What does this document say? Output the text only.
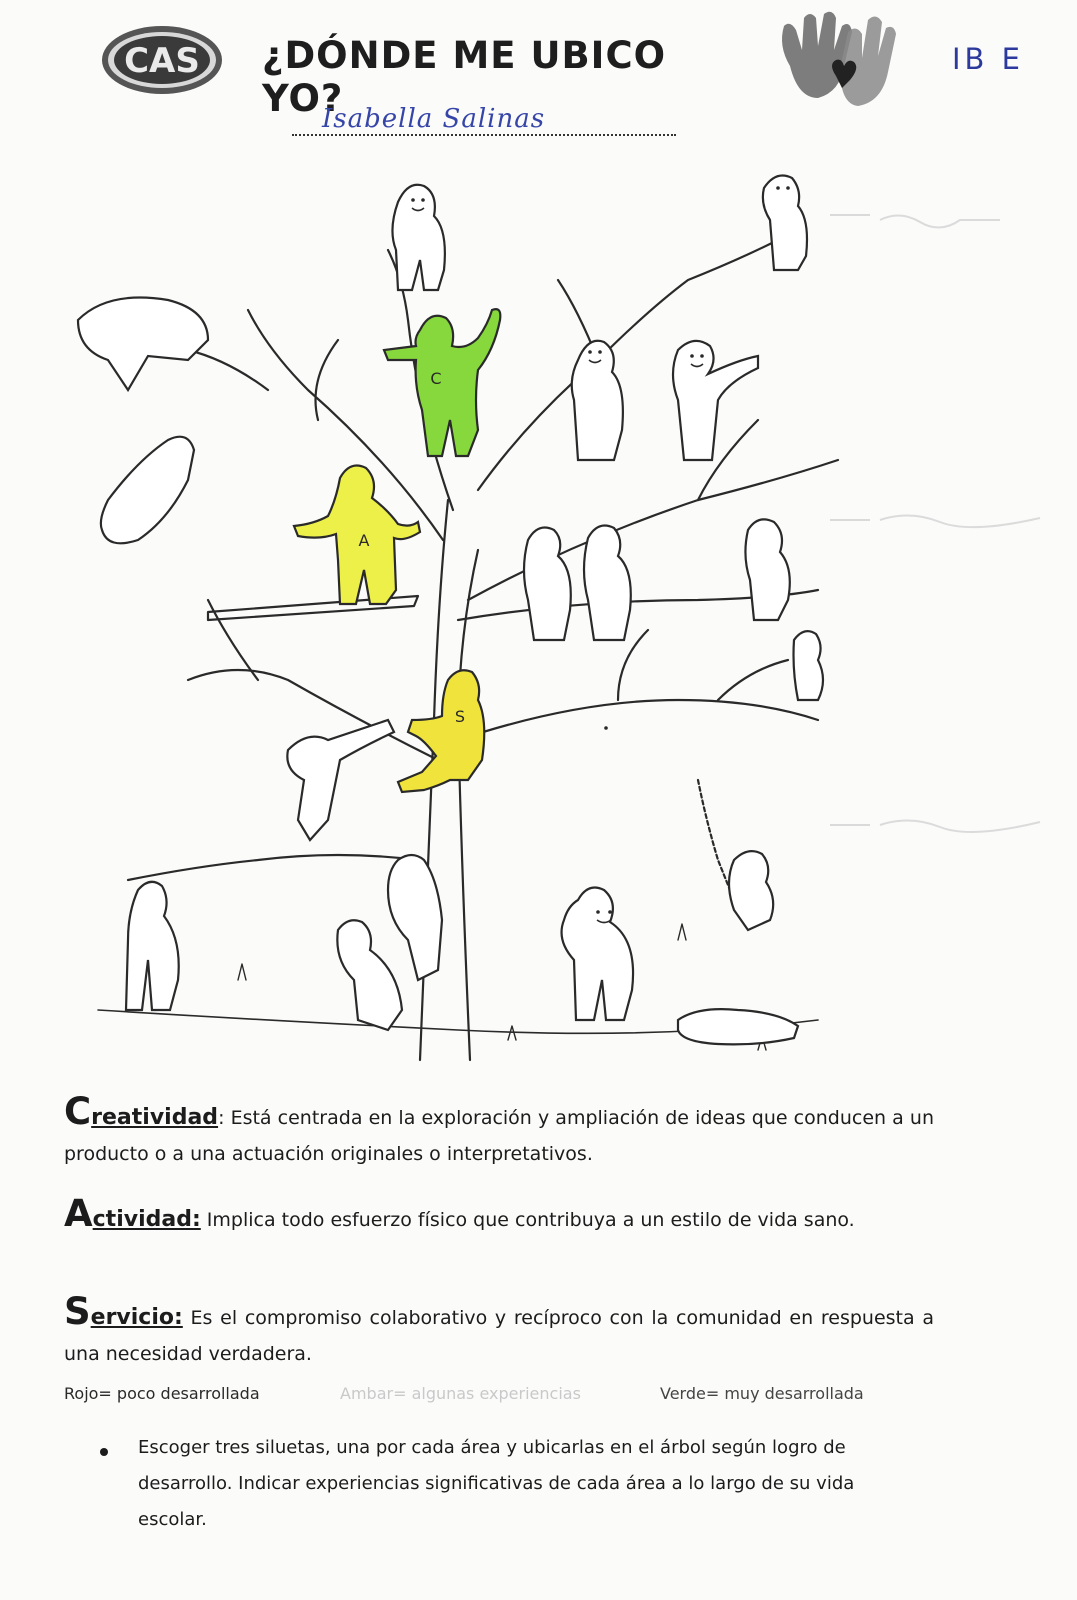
CAS ¿DÓNDE ME UBICO YO?
IB E
Isabella Salinas
C
A
S
Creatividad: Está centrada en la exploración y ampliación de ideas que conducen a un producto o a una actuación originales o interpretativos.
Actividad: Implica todo esfuerzo físico que contribuya a un estilo de vida sano.
Servicio: Es el compromiso colaborativo y recíproco con la comunidad en respuesta a una necesidad verdadera.
Rojo= poco desarrollada	Ambar= algunas experiencias	Verde= muy desarrollada
Escoger tres siluetas, una por cada área y ubicarlas en el árbol según logro de desarrollo. Indicar experiencias significativas de cada área a lo largo de su vida escolar.
